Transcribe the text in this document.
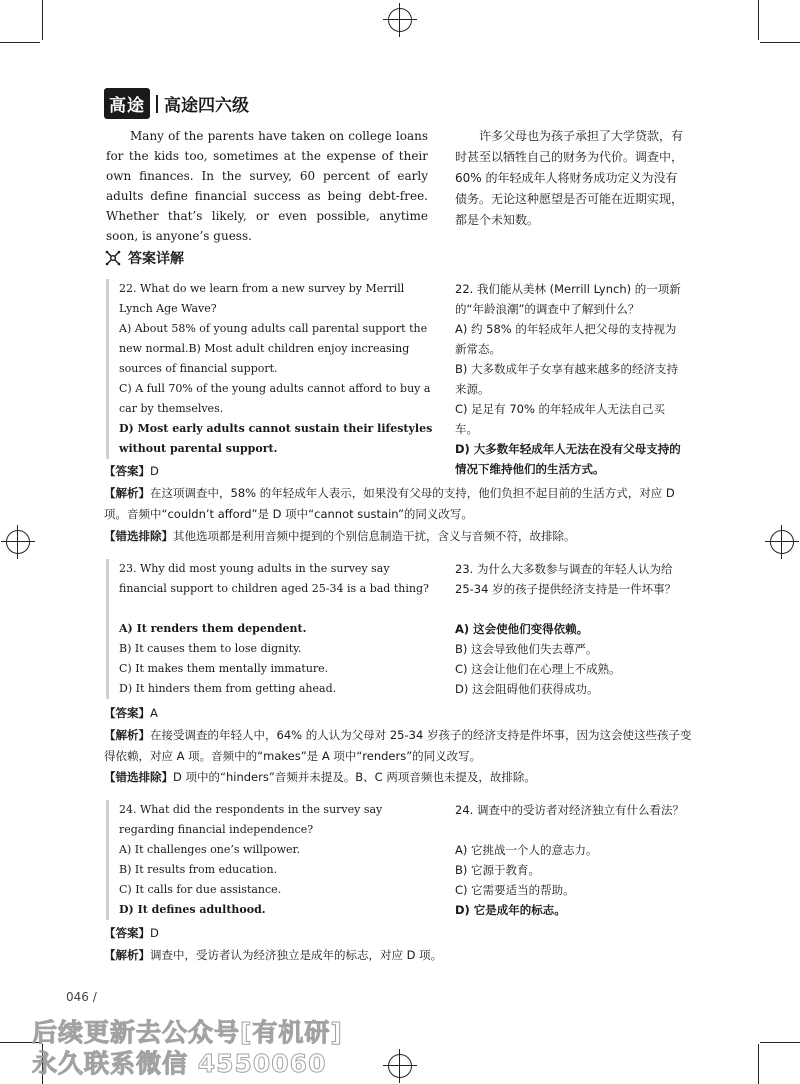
高途 高途四六级
Many of the parents have taken on college loans for the kids too, sometimes at the expense of their own finances. In the survey, 60 percent of early adults define financial success as being debt-free. Whether that’s likely, or even possible, anytime soon, is anyone’s guess.
许多父母也为孩子承担了大学贷款，有时甚至以牺牲自己的财务为代价。调查中，60% 的年轻成年人将财务成功定义为没有债务。无论这种愿望是否可能在近期实现，都是个未知数。
答案详解
22. What do we learn from a new survey by Merrill Lynch Age Wave?
A) About 58% of young adults call parental support the new normal.B) Most adult children enjoy increasing sources of financial support.
C) A full 70% of the young adults cannot afford to buy a car by themselves.
D) Most early adults cannot sustain their lifestyles without parental support.
22. 我们能从美林 (Merrill Lynch) 的一项新的“年龄浪潮”的调查中了解到什么？
A) 约 58% 的年轻成年人把父母的支持视为新常态。
B) 大多数成年子女享有越来越多的经济支持来源。
C) 足足有 70% 的年轻成年人无法自己买车。
D) 大多数年轻成年人无法在没有父母支持的情况下维持他们的生活方式。
【答案】D
【解析】在这项调查中，58% 的年轻成年人表示，如果没有父母的支持，他们负担不起目前的生活方式，对应 D 项。音频中“couldn’t afford”是 D 项中“cannot sustain”的同义改写。
【错选排除】其他选项都是利用音频中提到的个别信息制造干扰，含义与音频不符，故排除。
23. Why did most young adults in the survey say financial support to children aged 25-34 is a bad thing?
A) It renders them dependent.
B) It causes them to lose dignity.
C) It makes them mentally immature.
D) It hinders them from getting ahead.
23. 为什么大多数参与调查的年轻人认为给 25-34 岁的孩子提供经济支持是一件坏事？
A) 这会使他们变得依赖。
B) 这会导致他们失去尊严。
C) 这会让他们在心理上不成熟。
D) 这会阻碍他们获得成功。
【答案】A
【解析】在接受调查的年轻人中，64% 的人认为父母对 25-34 岁孩子的经济支持是件坏事，因为这会使这些孩子变得依赖，对应 A 项。音频中的“makes”是 A 项中“renders”的同义改写。
【错选排除】D 项中的“hinders”音频并未提及。B、C 两项音频也未提及，故排除。
24. What did the respondents in the survey say regarding financial independence?
A) It challenges one’s willpower.
B) It results from education.
C) It calls for due assistance.
D) It defines adulthood.
24. 调查中的受访者对经济独立有什么看法？
A) 它挑战一个人的意志力。
B) 它源于教育。
C) 它需要适当的帮助。
D) 它是成年的标志。
【答案】D
【解析】调查中，受访者认为经济独立是成年的标志，对应 D 项。
046 /
后续更新去公众号[有机研]
永久联系微信 4550060
